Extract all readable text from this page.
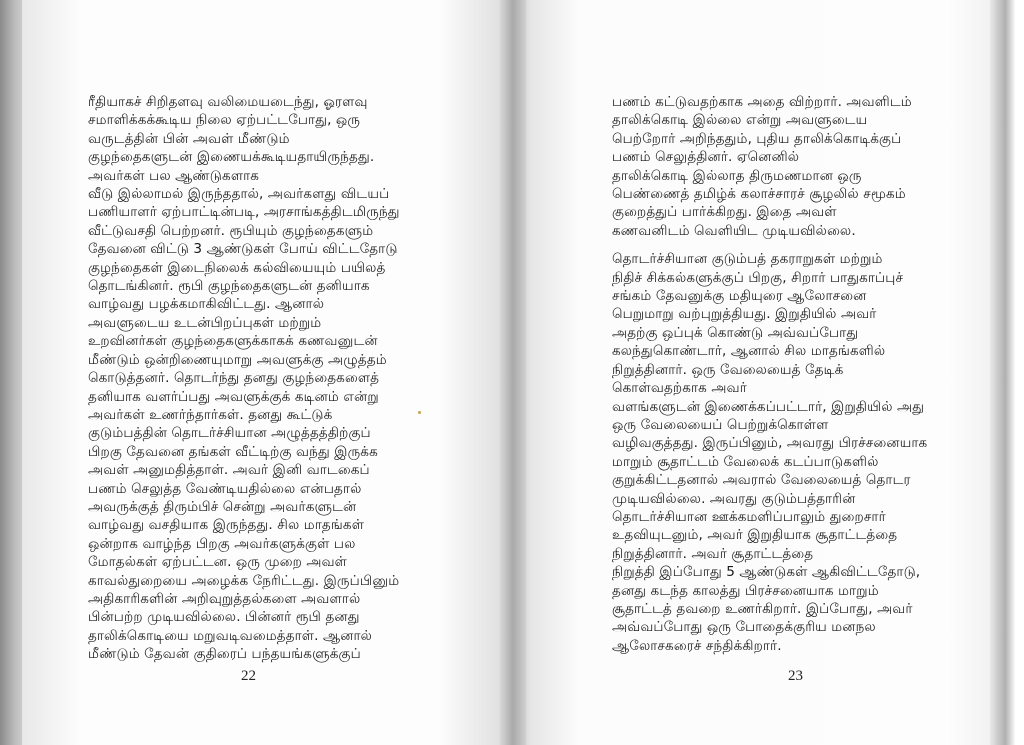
ரீதியாகச் சிறிதளவு வலிமையடைந்து, ஓரளவு
சமாளிக்கக்கூடிய நிலை ஏற்பட்டபோது, ஒரு
வருடத்தின் பின் அவள் மீண்டும்
குழந்தைகளுடன் இணையக்கூடியதாயிருந்தது.
அவர்கள் பல ஆண்டுகளாக
வீடு இல்லாமல் இருந்ததால், அவர்களது விடயப்
பணியாளர் ஏற்பாட்டின்படி, அரசாங்கத்திடமிருந்து
வீட்டுவசதி பெற்றனர். ரூபியும் குழந்தைகளும்
தேவனை விட்டு 3 ஆண்டுகள் போய் விட்டதோடு
குழந்தைகள் இடைநிலைக் கல்வியையும் பயிலத்
தொடங்கினர். ரூபி குழந்தைகளுடன் தனியாக
வாழ்வது பழக்கமாகிவிட்டது. ஆனால்
அவளுடைய உடன்பிறப்புகள் மற்றும்
உறவினர்கள் குழந்தைகளுக்காகக் கணவனுடன்
மீண்டும் ஒன்றிணையுமாறு அவளுக்கு அழுத்தம்
கொடுத்தனர். தொடர்ந்து தனது குழந்தைகளைத்
தனியாக வளர்ப்பது அவளுக்குக் கடினம் என்று
அவர்கள் உணர்ந்தார்கள். தனது கூட்டுக்
குடும்பத்தின் தொடர்ச்சியான அழுத்தத்திற்குப்
பிறகு தேவனை தங்கள் வீட்டிற்கு வந்து இருக்க
அவள் அனுமதித்தாள். அவர் இனி வாடகைப்
பணம் செலுத்த வேண்டியதில்லை என்பதால்
அவருக்குத் திரும்பிச் சென்று அவர்களுடன்
வாழ்வது வசதியாக இருந்தது. சில மாதங்கள்
ஒன்றாக வாழ்ந்த பிறகு அவர்களுக்குள் பல
மோதல்கள் ஏற்பட்டன. ஒரு முறை அவள்
காவல்துறையை அழைக்க நேரிட்டது. இருப்பினும்
அதிகாரிகளின் அறிவுறுத்தல்களை அவளால்
பின்பற்ற முடியவில்லை. பின்னர் ரூபி தனது
தாலிக்கொடியை மறுவடிவமைத்தாள். ஆனால்
மீண்டும் தேவன் குதிரைப் பந்தயங்களுக்குப்
பணம் கட்டுவதற்காக அதை விற்றார். அவளிடம்
தாலிக்கொடி இல்லை என்று அவளுடைய
பெற்றோர் அறிந்ததும், புதிய தாலிக்கொடிக்குப்
பணம் செலுத்தினர். ஏனெனில்
தாலிக்கொடி இல்லாத திருமணமான ஒரு
பெண்ணைத் தமிழ்க் கலாச்சாரச் சூழலில் சமூகம்
குறைத்துப் பார்க்கிறது. இதை அவள்
கணவனிடம் வெளியிட முடியவில்லை.
தொடர்ச்சியான குடும்பத் தகராறுகள் மற்றும்
நிதிச் சிக்கல்களுக்குப் பிறகு, சிறார் பாதுகாப்புச்
சங்கம் தேவனுக்கு மதியுரை ஆலோசனை
பெறுமாறு வற்புறுத்தியது. இறுதியில் அவர்
அதற்கு ஒப்புக் கொண்டு அவ்வப்போது
கலந்துகொண்டார், ஆனால் சில மாதங்களில்
நிறுத்தினார். ஒரு வேலையைத் தேடிக்
கொள்வதற்காக அவர்
வளங்களுடன் இணைக்கப்பட்டார், இறுதியில் அது
ஒரு வேலையைப் பெற்றுக்கொள்ள
வழிவகுத்தது. இருப்பினும், அவரது பிரச்சனையாக
மாறும் சூதாட்டம் வேலைக் கடப்பாடுகளில்
குறுக்கிட்டதனால் அவரால் வேலையைத் தொடர
முடியவில்லை. அவரது குடும்பத்தாரின்
தொடர்ச்சியான ஊக்கமளிப்பாலும் துறைசார்
உதவியுடனும், அவர் இறுதியாக சூதாட்டத்தை
நிறுத்தினார். அவர் சூதாட்டத்தை
நிறுத்தி இப்போது 5 ஆண்டுகள் ஆகிவிட்டதோடு,
தனது கடந்த காலத்து பிரச்சனையாக மாறும்
சூதாட்டத் தவறை உணர்கிறார். இப்போது, அவர்
அவ்வப்போது ஒரு போதைக்குரிய மனநல
ஆலோசகரைச் சந்திக்கிறார்.
22	23
